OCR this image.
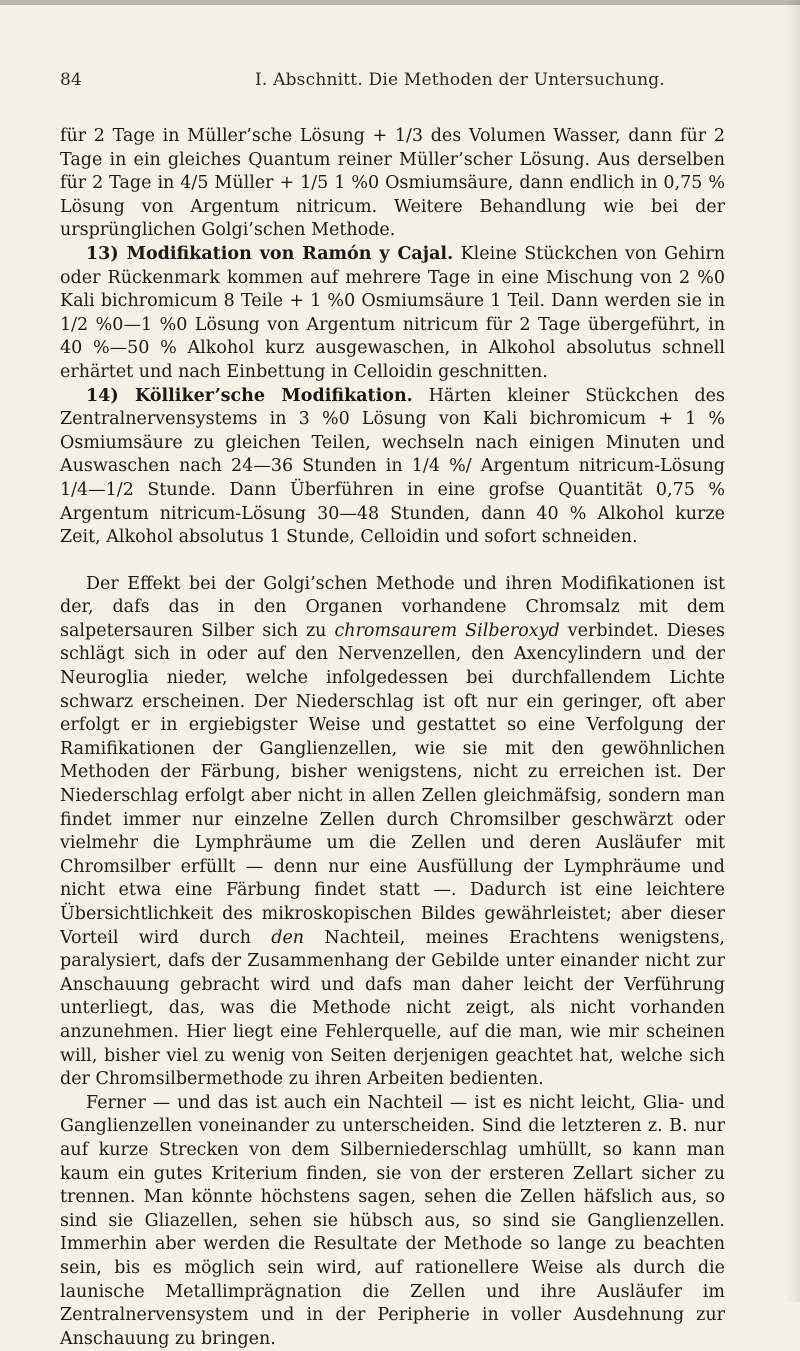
84	I. Abschnitt. Die Methoden der Untersuchung.

für 2 Tage in Müller’sche Lösung + 1/3 des Volumen Wasser, dann für 2 Tage in ein gleiches Quantum reiner Müller’scher Lösung. Aus derselben für 2 Tage in 4/5 Müller + 1/5 1 %0 Osmiumsäure, dann endlich in 0,75 % Lösung von Argentum nitricum. Weitere Behandlung wie bei der ursprünglichen Golgi’schen Methode.

13) Modifikation von Ramón y Cajal. Kleine Stückchen von Gehirn oder Rückenmark kommen auf mehrere Tage in eine Mischung von 2 %0 Kali bichromicum 8 Teile + 1 %0 Osmiumsäure 1 Teil. Dann werden sie in 1/2 %0—1 %0 Lösung von Argentum nitricum für 2 Tage übergeführt, in 40 %—50 % Alkohol kurz ausgewaschen, in Alkohol absolutus schnell erhärtet und nach Einbettung in Celloidin geschnitten.

14) Kölliker’sche Modifikation. Härten kleiner Stückchen des Zentralnervensystems in 3 %0 Lösung von Kali bichromicum + 1 % Osmiumsäure zu gleichen Teilen, wechseln nach einigen Minuten und Auswaschen nach 24—36 Stunden in 1/4 %/ Argentum nitricum-Lösung 1/4—1/2 Stunde. Dann Überführen in eine grofse Quantität 0,75 % Argentum nitricum-Lösung 30—48 Stunden, dann 40 % Alkohol kurze Zeit, Alkohol absolutus 1 Stunde, Celloidin und sofort schneiden.

Der Effekt bei der Golgi’schen Methode und ihren Modifikationen ist der, dafs das in den Organen vorhandene Chromsalz mit dem salpetersauren Silber sich zu chromsaurem Silberoxyd verbindet. Dieses schlägt sich in oder auf den Nervenzellen, den Axencylindern und der Neuroglia nieder, welche infolgedessen bei durchfallendem Lichte schwarz erscheinen. Der Niederschlag ist oft nur ein geringer, oft aber erfolgt er in ergiebigster Weise und gestattet so eine Verfolgung der Ramifikationen der Ganglienzellen, wie sie mit den gewöhnlichen Methoden der Färbung, bisher wenigstens, nicht zu erreichen ist. Der Niederschlag erfolgt aber nicht in allen Zellen gleichmäfsig, sondern man findet immer nur einzelne Zellen durch Chromsilber geschwärzt oder vielmehr die Lymphräume um die Zellen und deren Ausläufer mit Chromsilber erfüllt — denn nur eine Ausfüllung der Lymphräume und nicht etwa eine Färbung findet statt —. Dadurch ist eine leichtere Übersichtlichkeit des mikroskopischen Bildes gewährleistet; aber dieser Vorteil wird durch den Nachteil, meines Erachtens wenigstens, paralysiert, dafs der Zusammenhang der Gebilde unter einander nicht zur Anschauung gebracht wird und dafs man daher leicht der Verführung unterliegt, das, was die Methode nicht zeigt, als nicht vorhanden anzunehmen. Hier liegt eine Fehlerquelle, auf die man, wie mir scheinen will, bisher viel zu wenig von Seiten derjenigen geachtet hat, welche sich der Chromsilbermethode zu ihren Arbeiten bedienten.

Ferner — und das ist auch ein Nachteil — ist es nicht leicht, Glia- und Ganglienzellen voneinander zu unterscheiden. Sind die letzteren z. B. nur auf kurze Strecken von dem Silberniederschlag umhüllt, so kann man kaum ein gutes Kriterium finden, sie von der ersteren Zellart sicher zu trennen. Man könnte höchstens sagen, sehen die Zellen häfslich aus, so sind sie Gliazellen, sehen sie hübsch aus, so sind sie Ganglienzellen. Immerhin aber werden die Resultate der Methode so lange zu beachten sein, bis es möglich sein wird, auf rationellere Weise als durch die launische Metallimprägnation die Zellen und ihre Ausläufer im Zentralnervensystem und in der Peripherie in voller Ausdehnung zur Anschauung zu bringen.
